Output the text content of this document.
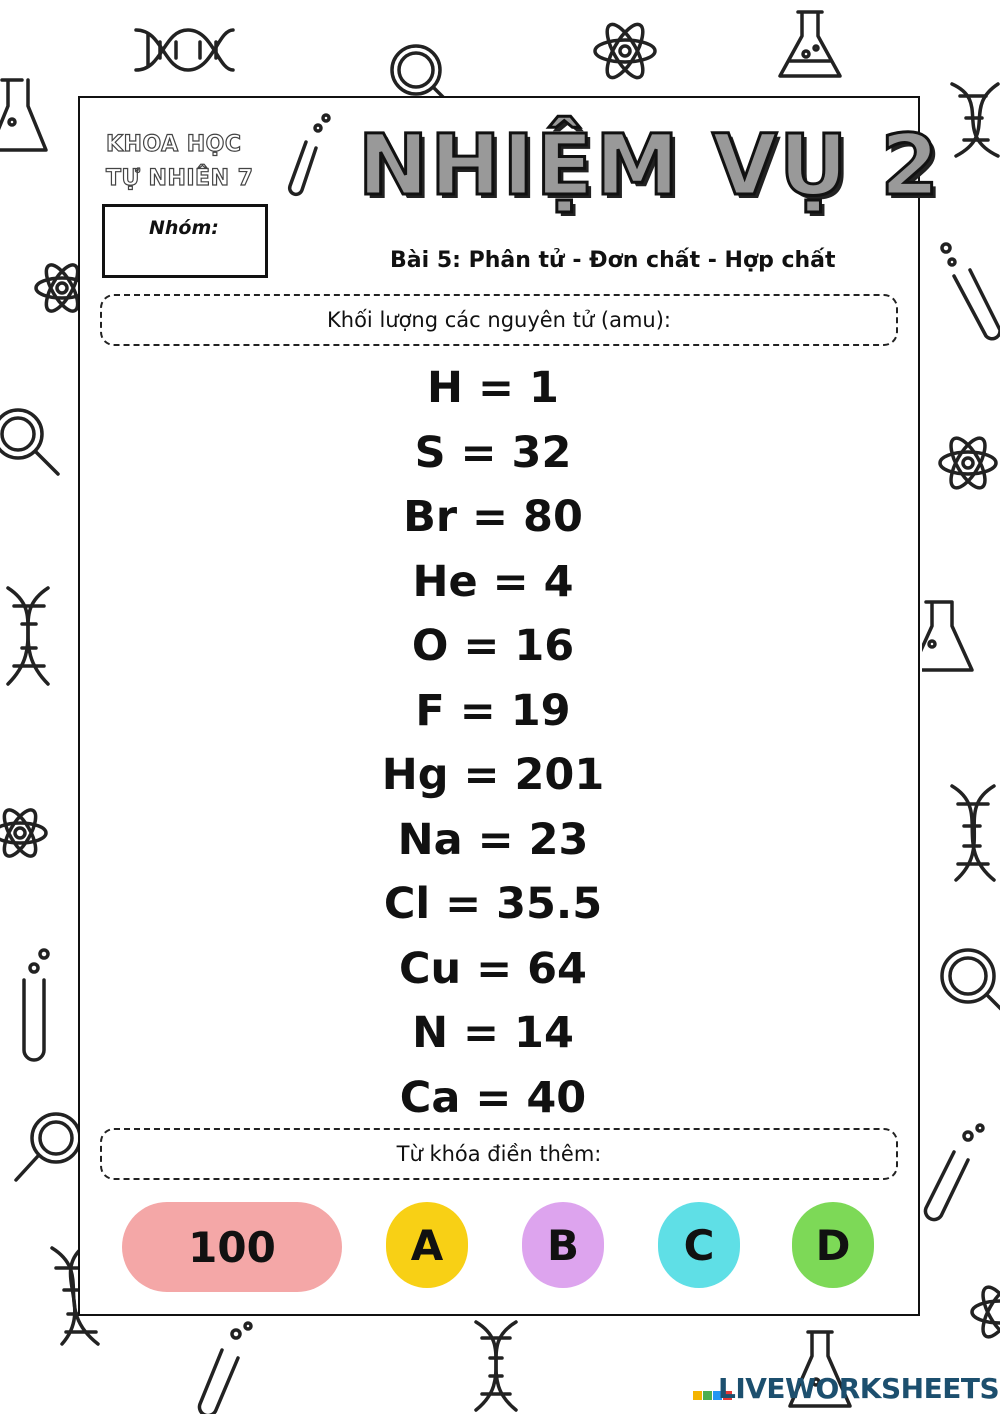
KHOA HỌC
TỰ NHIÊN 7
Nhóm:
NHIỆM VỤ 2
Bài 5: Phân tử - Đơn chất - Hợp chất
Khối lượng các nguyên tử (amu):
H = 1
S = 32
Br = 80
He = 4
O = 16
F = 19
Hg = 201
Na = 23
Cl = 35.5
Cu = 64
N = 14
Ca = 40
Từ khóa điền thêm:
100	A	B	C	D
LIVEWORKSHEETS
